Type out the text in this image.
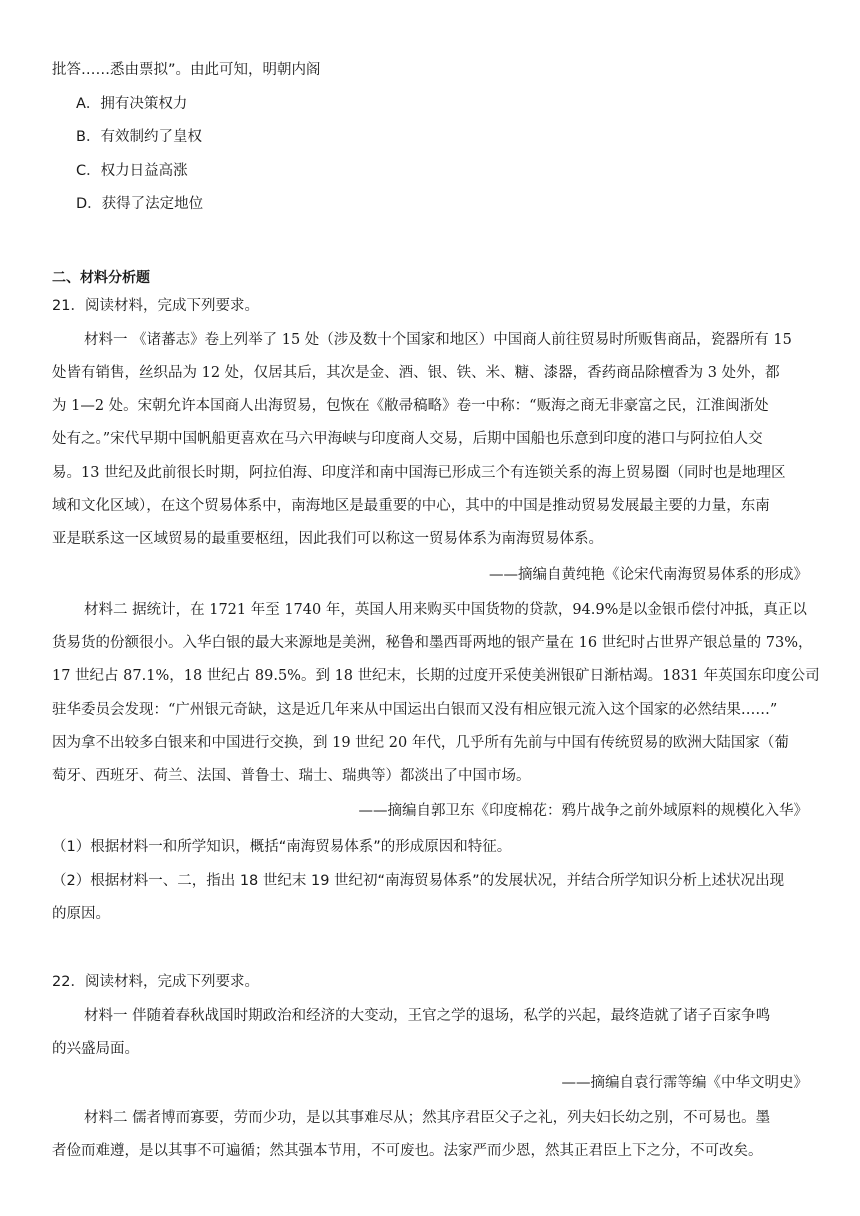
批答……悉由票拟”。由此可知，明朝内阁
A．拥有决策权力
B．有效制约了皇权
C．权力日益高涨
D．获得了法定地位
二、材料分析题
21．阅读材料，完成下列要求。
材料一 《诸蕃志》卷上列举了 15 处（涉及数十个国家和地区）中国商人前往贸易时所贩售商品，瓷器所有 15
处皆有销售，丝织品为 12 处，仅居其后，其次是金、酒、银、铁、米、糖、漆器，香药商品除檀香为 3 处外，都
为 1—2 处。宋朝允许本国商人出海贸易，包恢在《敝帚稿略》卷一中称：“贩海之商无非豪富之民，江淮闽浙处
处有之。”宋代早期中国帆船更喜欢在马六甲海峡与印度商人交易，后期中国船也乐意到印度的港口与阿拉伯人交
易。13 世纪及此前很长时期，阿拉伯海、印度洋和南中国海已形成三个有连锁关系的海上贸易圈（同时也是地理区
域和文化区域），在这个贸易体系中，南海地区是最重要的中心，其中的中国是推动贸易发展最主要的力量，东南
亚是联系这一区域贸易的最重要枢纽，因此我们可以称这一贸易体系为南海贸易体系。
——摘编自黄纯艳《论宋代南海贸易体系的形成》
材料二 据统计，在 1721 年至 1740 年，英国人用来购买中国货物的贷款，94.9%是以金银币偿付冲抵，真正以
货易货的份额很小。入华白银的最大来源地是美洲，秘鲁和墨西哥两地的银产量在 16 世纪时占世界产银总量的 73%，
17 世纪占 87.1%，18 世纪占 89.5%。到 18 世纪末，长期的过度开采使美洲银矿日渐枯竭。1831 年英国东印度公司
驻华委员会发现：“广州银元奇缺，这是近几年来从中国运出白银而又没有相应银元流入这个国家的必然结果……”
因为拿不出较多白银来和中国进行交换，到 19 世纪 20 年代，几乎所有先前与中国有传统贸易的欧洲大陆国家（葡
萄牙、西班牙、荷兰、法国、普鲁士、瑞士、瑞典等）都淡出了中国市场。
——摘编自郭卫东《印度棉花：鸦片战争之前外域原料的规模化入华》
（1）根据材料一和所学知识，概括“南海贸易体系”的形成原因和特征。
（2）根据材料一、二，指出 18 世纪末 19 世纪初“南海贸易体系”的发展状况，并结合所学知识分析上述状况出现
的原因。
22．阅读材料，完成下列要求。
材料一 伴随着春秋战国时期政治和经济的大变动，王官之学的退场，私学的兴起，最终造就了诸子百家争鸣
的兴盛局面。
——摘编自袁行霈等编《中华文明史》
材料二 儒者博而寡要，劳而少功，是以其事难尽从；然其序君臣父子之礼，列夫妇长幼之别，不可易也。墨
者俭而难遵，是以其事不可遍循；然其强本节用，不可废也。法家严而少恩，然其正君臣上下之分，不可改矣。
